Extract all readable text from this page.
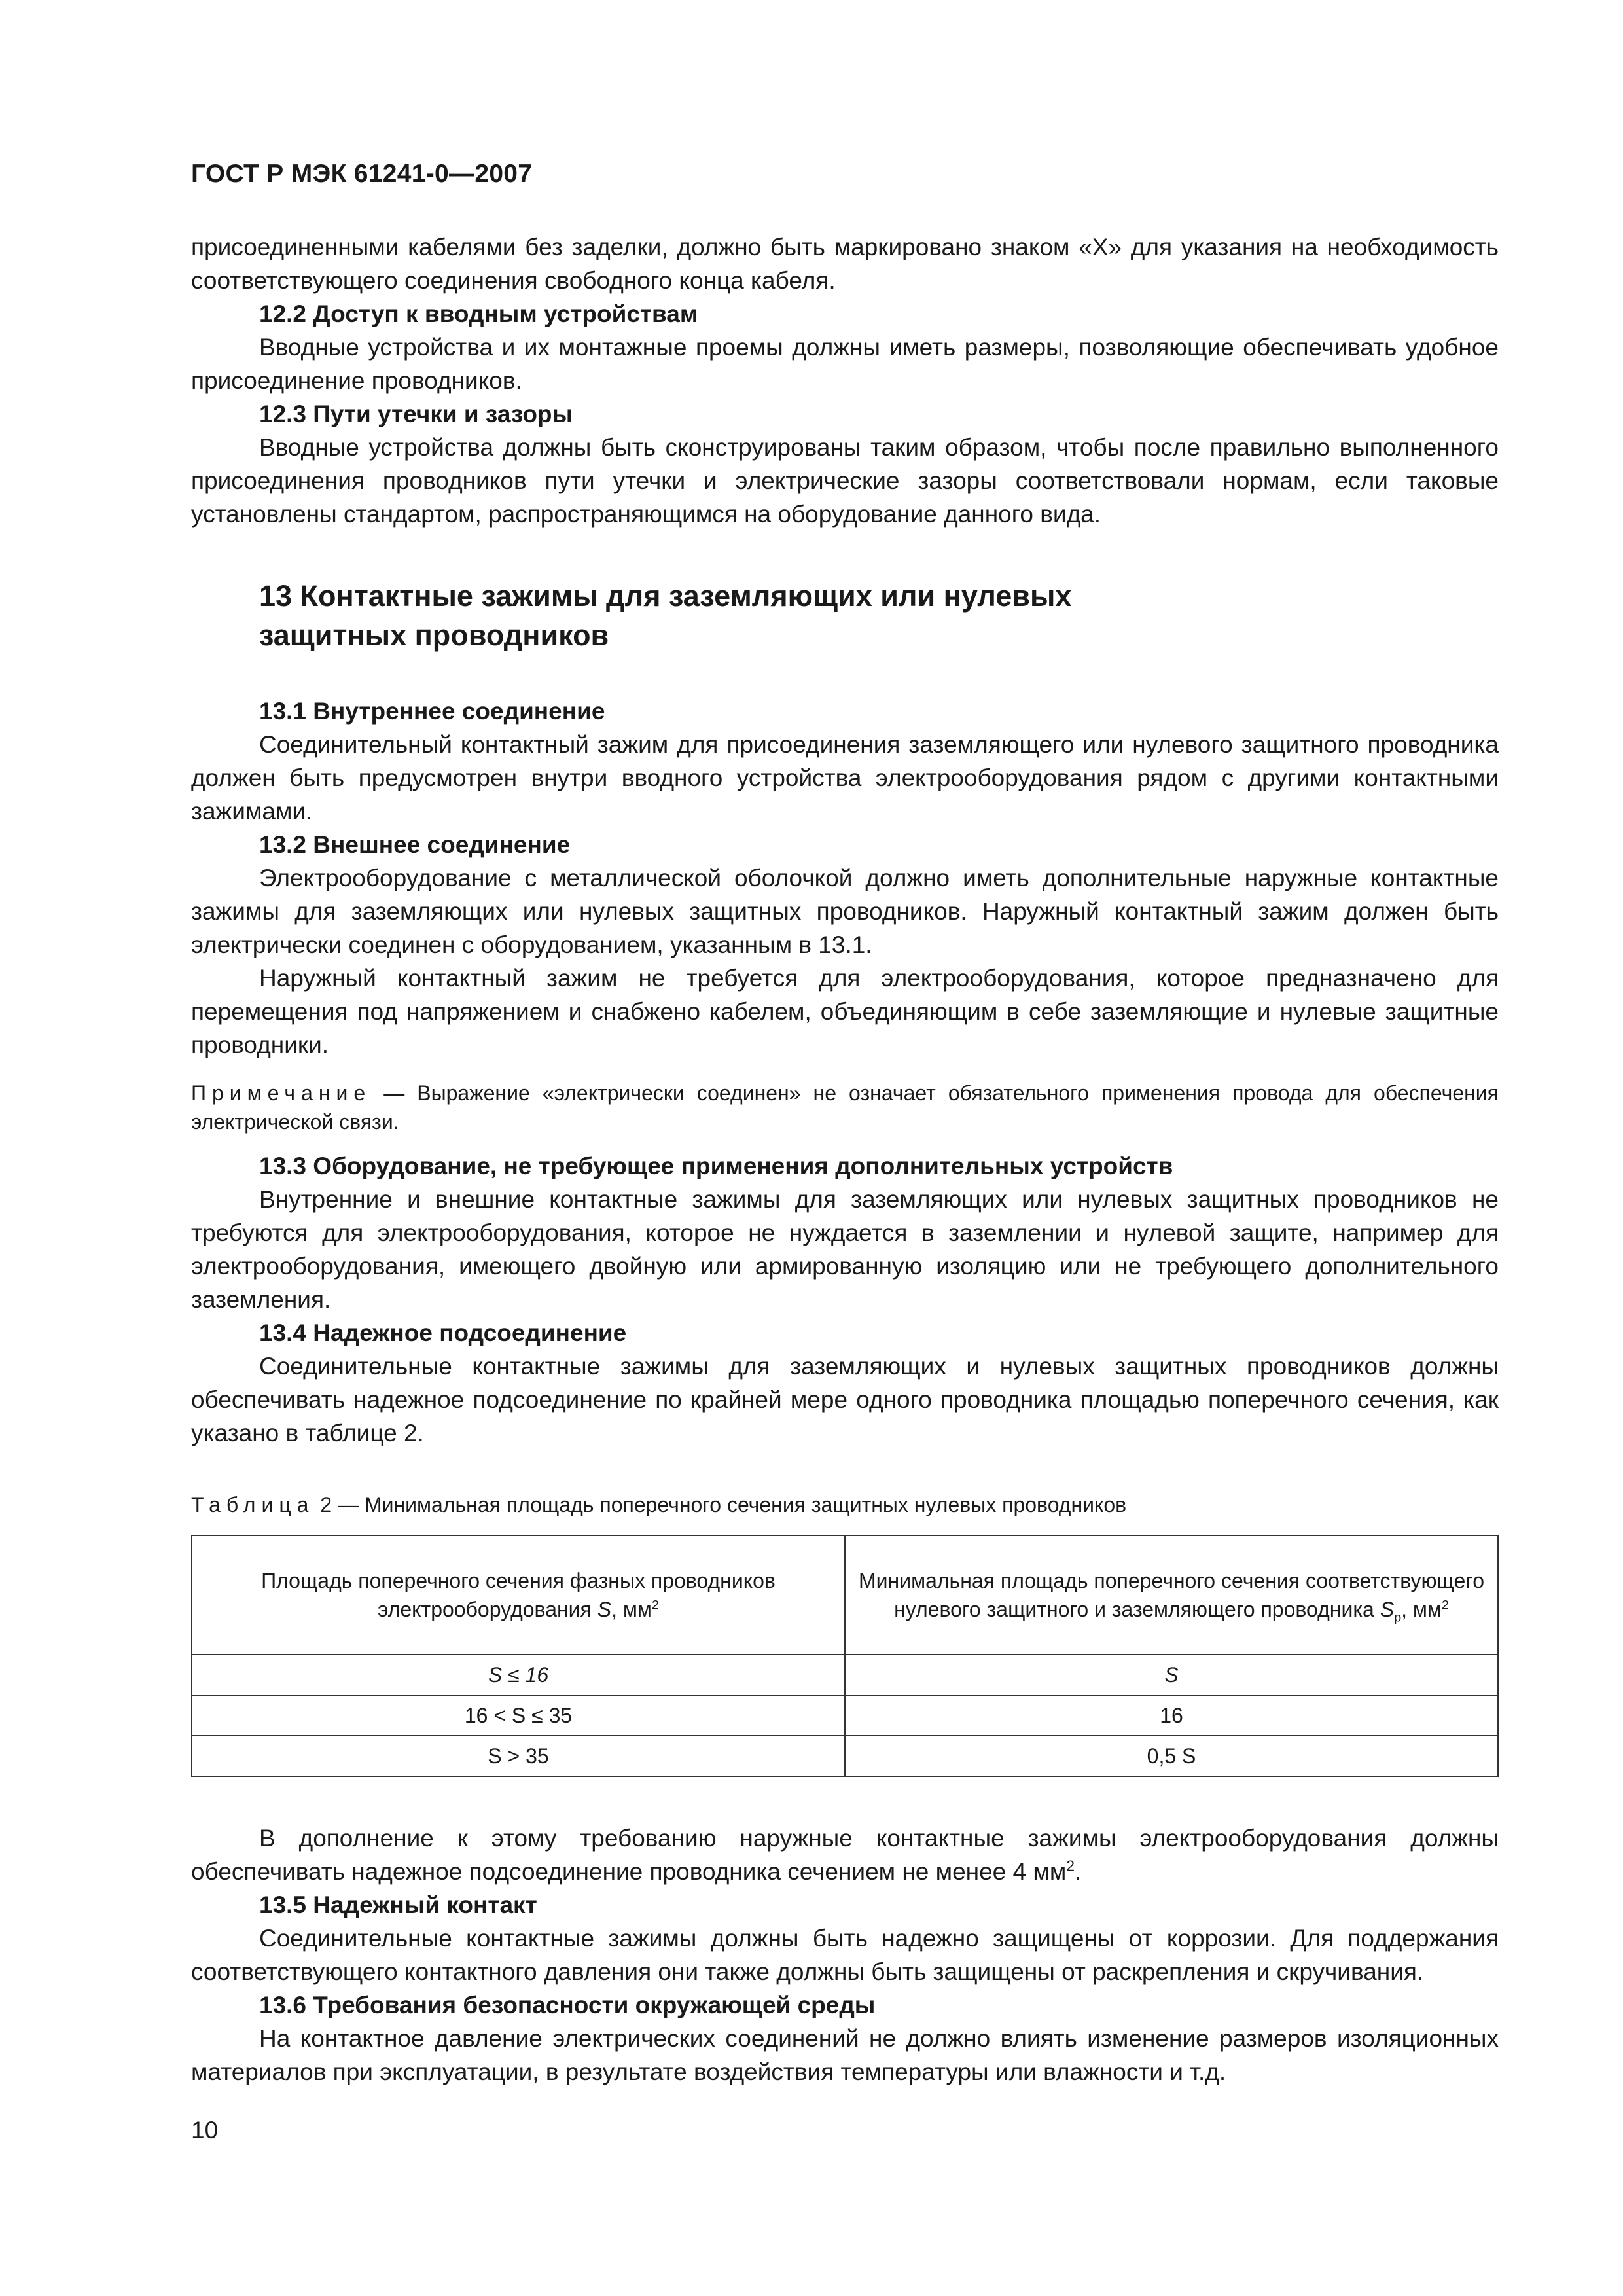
ГОСТ Р МЭК 61241-0—2007

присоединенными кабелями без заделки, должно быть маркировано знаком «X» для указания на необходимость соответствующего соединения свободного конца кабеля.

12.2 Доступ к вводным устройствам

Вводные устройства и их монтажные проемы должны иметь размеры, позволяющие обеспечивать удобное присоединение проводников.

12.3 Пути утечки и зазоры

Вводные устройства должны быть сконструированы таким образом, чтобы после правильно выполненного присоединения проводников пути утечки и электрические зазоры соответствовали нормам, если таковые установлены стандартом, распространяющимся на оборудование данного вида.

13 Контактные зажимы для заземляющих или нулевых
защитных проводников

13.1 Внутреннее соединение

Соединительный контактный зажим для присоединения заземляющего или нулевого защитного проводника должен быть предусмотрен внутри вводного устройства электрооборудования рядом с другими контактными зажимами.

13.2 Внешнее соединение

Электрооборудование с металлической оболочкой должно иметь дополнительные наружные контактные зажимы для заземляющих или нулевых защитных проводников. Наружный контактный зажим должен быть электрически соединен с оборудованием, указанным в 13.1.

Наружный контактный зажим не требуется для электрооборудования, которое предназначено для перемещения под напряжением и снабжено кабелем, объединяющим в себе заземляющие и нулевые защитные проводники.

Примечание — Выражение «электрически соединен» не означает обязательного применения провода для обеспечения электрической связи.

13.3 Оборудование, не требующее применения дополнительных устройств

Внутренние и внешние контактные зажимы для заземляющих или нулевых защитных проводников не требуются для электрооборудования, которое не нуждается в заземлении и нулевой защите, например для электрооборудования, имеющего двойную или армированную изоляцию или не требующего дополнительного заземления.

13.4 Надежное подсоединение

Соединительные контактные зажимы для заземляющих и нулевых защитных проводников должны обеспечивать надежное подсоединение по крайней мере одного проводника площадью поперечного сечения, как указано в таблице 2.

Таблица 2 — Минимальная площадь поперечного сечения защитных нулевых проводников

Площадь поперечного сечения фазных проводников электрооборудования S, $мм^2$	Минимальная площадь поперечного сечения соответствующего нулевого защитного и заземляющего проводника $S_p$, $мм^2$
S ≤ 16	S
16 < S ≤ 35	16
S > 35	0,5 S

В дополнение к этому требованию наружные контактные зажимы электрооборудования должны обеспечивать надежное подсоединение проводника сечением не менее 4 $мм^2$.

13.5 Надежный контакт

Соединительные контактные зажимы должны быть надежно защищены от коррозии. Для поддержания соответствующего контактного давления они также должны быть защищены от раскрепления и скручивания.

13.6 Требования безопасности окружающей среды

На контактное давление электрических соединений не должно влиять изменение размеров изоляционных материалов при эксплуатации, в результате воздействия температуры или влажности и т.д.

10
